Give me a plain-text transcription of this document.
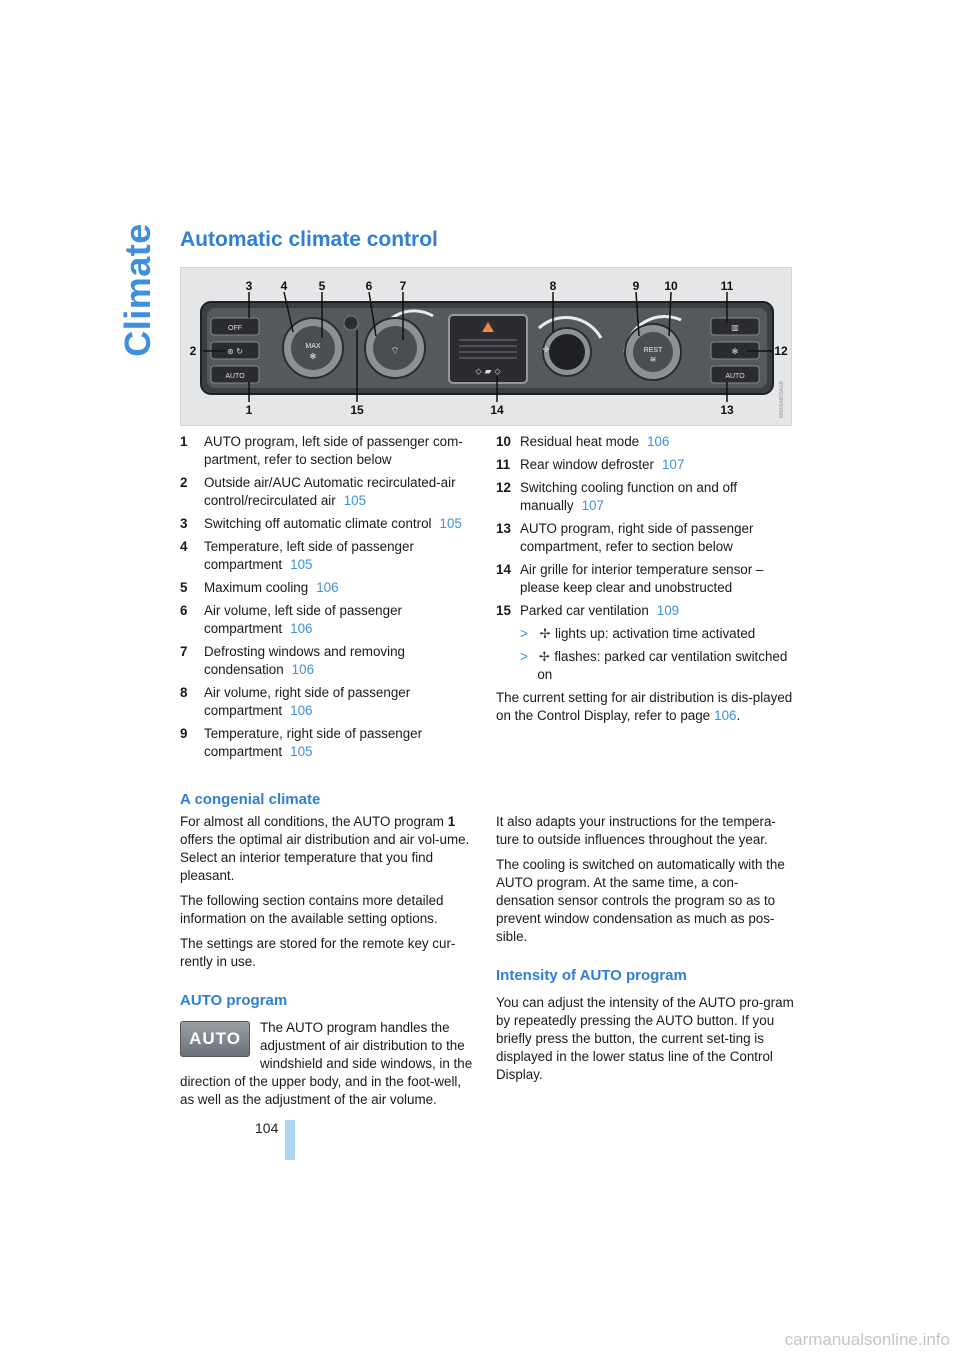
Climate Automatic climate control
OFF
⊛ ↻
AUTO
MAX
✻	⌔
⬦ ▰ ⬦
✢	REST
≋
▥
✻
AUTO
3 4	5	6 7	8	9 10	11
2	12
1	15	14	13	MW05AB03AGB
1	AUTO program, left side of passenger com-partment, refer to section below
2	Outside air/AUC Automatic recirculated-air control/recirculated air 105
3	Switching off automatic climate control 105
4	Temperature, left side of passenger compartment 105
5	Maximum cooling 106
6	Air volume, left side of passenger compartment 106
7	Defrosting windows and removing condensation 106
8	Air volume, right side of passenger compartment 106
9	Temperature, right side of passenger compartment 105
10 Residual heat mode 106
11 Rear window defroster 107
12 Switching cooling function on and off manually 107
13 AUTO program, right side of passenger compartment, refer to section below
14 Air grille for interior temperature sensor – please keep clear and unobstructed
15 Parked car ventilation 109
> ✢ lights up: activation time activated
> ✢ flashes: parked car ventilation switched on

The current setting for air distribution is dis-played on the Control Display, refer to page 106.

A congenial climate

For almost all conditions, the AUTO program 1 offers the optimal air distribution and air vol-ume. Select an interior temperature that you find pleasant.

The following section contains more detailed information on the available setting options.

The settings are stored for the remote key cur-rently in use.

AUTO program
AUTO

The AUTO program handles the adjustment of air distribution to the windshield and side windows, in the direction of the upper body, and in the foot-well, as well as the adjustment of the air volume.

It also adapts your instructions for the tempera-ture to outside influences throughout the year.

The cooling is switched on automatically with the AUTO program. At the same time, a con-densation sensor controls the program so as to prevent window condensation as much as pos-sible.

Intensity of AUTO program

You can adjust the intensity of the AUTO pro-gram by repeatedly pressing the AUTO button. If you briefly press the button, the current set-ting is displayed in the lower status line of the Control Display.

104
carmanualsonline.info
